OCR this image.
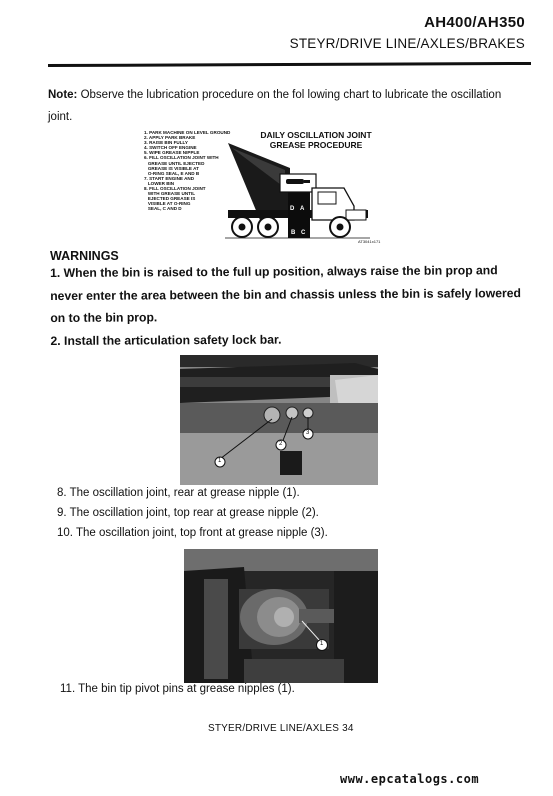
AH400/AH350
STEYR/DRIVE LINE/AXLES/BRAKES
Note: Observe the lubrication procedure on the fol lowing chart to lubricate the oscillation joint.
D A
B C
1. PARK MACHINE ON LEVEL GROUND
2. APPLY PARK BRAKE
3. RAISE BIN FULLY
4. SWITCH OFF ENGINE
5. WIPE GREASE NIPPLE
6. FILL OSCILLATION JOINT WITH
GREASE UNTIL EJECTED
GREASE IS VISIBLE AT
O-RING SEAL, E AND B
7. START ENGINE AND
LOWER BIN
8. FILL OSCILLATION JOINT
WITH GREASE UNTIL
EJECTED GREASE IS
VISIBLE AT O-RING
SEAL, C AND D
DAILY OSCILLATION JOINT
GREASE PROCEDURE
AT3041x171
WARNINGS

1. When the bin is raised to the full up position, always raise the bin prop and never enter the area between the bin and chassis unless the bin is safely lowered on to the bin prop.

2. Install the articulation safety lock bar.

1
2
3
8. The oscillation joint, rear at grease nipple (1).
9. The oscillation joint, top rear at grease nipple (2).
10. The oscillation joint, top front at grease nipple (3).
1
11. The bin tip pivot pins at grease nipples (1).
STYER/DRIVE LINE/AXLES 34
www.epcatalogs.com
